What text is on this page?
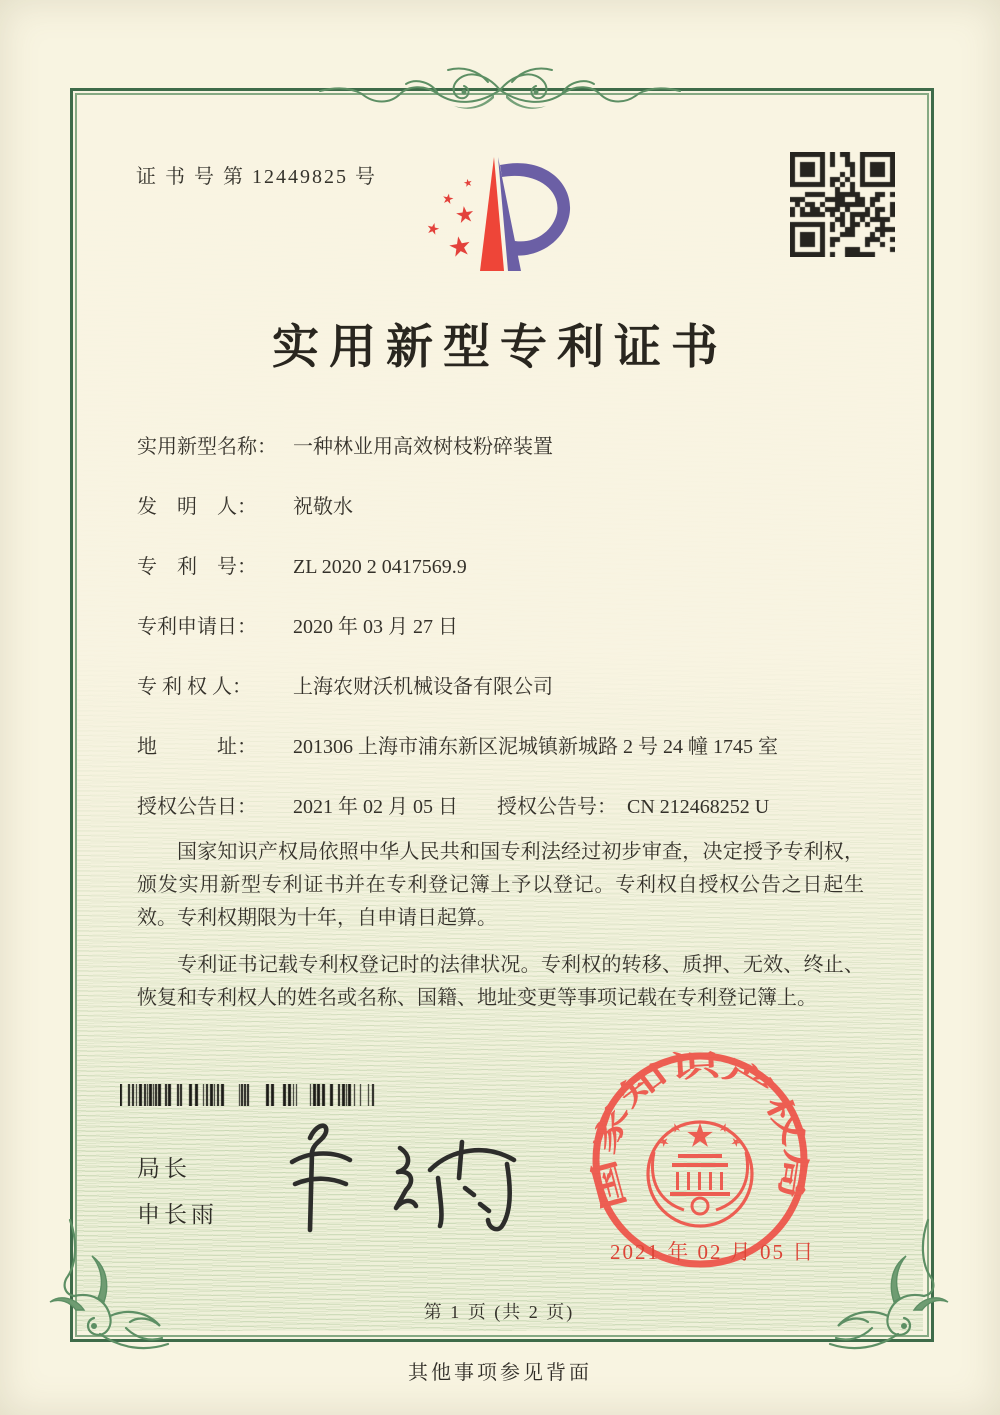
证 书 号 第 12449825 号
实用新型专利证书
实用新型名称： 一种林业用高效树枝粉碎装置
发　明　人： 祝敬水
专　利　号： ZL 2020 2 0417569.9
专利申请日： 2020 年 03 月 27 日
专 利 权 人： 上海农财沃机械设备有限公司
地　　　址： 201306 上海市浦东新区泥城镇新城路 2 号 24 幢 1745 室
授权公告日： 2021 年 02 月 05 日 授权公告号： CN 212468252 U

国家知识产权局依照中华人民共和国专利法经过初步审查，决定授予专利权，颁发实用新型专利证书并在专利登记簿上予以登记。专利权自授权公告之日起生效。专利权期限为十年，自申请日起算。

专利证书记载专利权登记时的法律状况。专利权的转移、质押、无效、终止、恢复和专利权人的姓名或名称、国籍、地址变更等事项记载在专利登记簿上。

局长
申长雨
国家知识产权局
2021 年 02 月 05 日
第 1 页 (共 2 页)
其他事项参见背面
